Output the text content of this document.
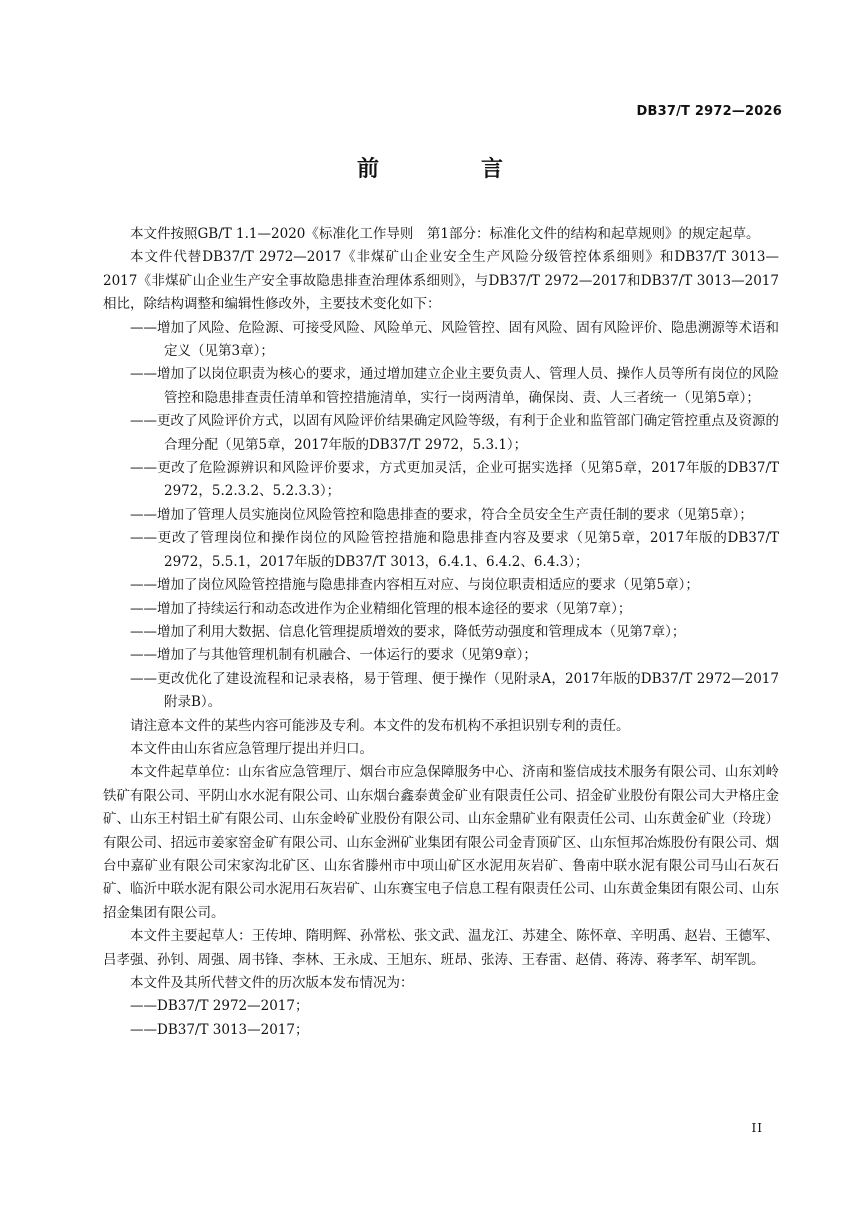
DB37/T 2972—2026
前　言

本文件按照GB/T 1.1—2020《标准化工作导则　第1部分：标准化文件的结构和起草规则》的规定起草。

本文件代替DB37/T 2972—2017《非煤矿山企业安全生产风险分级管控体系细则》和DB37/T 3013—2017《非煤矿山企业生产安全事故隐患排查治理体系细则》，与DB37/T 2972—2017和DB37/T 3013—2017相比，除结构调整和编辑性修改外，主要技术变化如下：

——增加了风险、危险源、可接受风险、风险单元、风险管控、固有风险、固有风险评价、隐患溯源等术语和定义（见第3章）；

——增加了以岗位职责为核心的要求，通过增加建立企业主要负责人、管理人员、操作人员等所有岗位的风险管控和隐患排查责任清单和管控措施清单，实行一岗两清单，确保岗、责、人三者统一（见第5章）；

——更改了风险评价方式，以固有风险评价结果确定风险等级，有利于企业和监管部门确定管控重点及资源的合理分配（见第5章，2017年版的DB37/T 2972，5.3.1）；

——更改了危险源辨识和风险评价要求，方式更加灵活，企业可据实选择（见第5章，2017年版的DB37/T 2972，5.2.3.2、5.2.3.3）；

——增加了管理人员实施岗位风险管控和隐患排查的要求，符合全员安全生产责任制的要求（见第5章）；

——更改了管理岗位和操作岗位的风险管控措施和隐患排查内容及要求（见第5章，2017年版的DB37/T 2972，5.5.1，2017年版的DB37/T 3013，6.4.1、6.4.2、6.4.3）；

——增加了岗位风险管控措施与隐患排查内容相互对应、与岗位职责相适应的要求（见第5章）；

——增加了持续运行和动态改进作为企业精细化管理的根本途径的要求（见第7章）；

——增加了利用大数据、信息化管理提质增效的要求，降低劳动强度和管理成本（见第7章）；

——增加了与其他管理机制有机融合、一体运行的要求（见第9章）；

——更改优化了建设流程和记录表格，易于管理、便于操作（见附录A，2017年版的DB37/T 2972—2017附录B）。

请注意本文件的某些内容可能涉及专利。本文件的发布机构不承担识别专利的责任。

本文件由山东省应急管理厅提出并归口。

本文件起草单位：山东省应急管理厅、烟台市应急保障服务中心、济南和鉴信成技术服务有限公司、山东刘岭铁矿有限公司、平阴山水水泥有限公司、山东烟台鑫泰黄金矿业有限责任公司、招金矿业股份有限公司大尹格庄金矿、山东王村铝土矿有限公司、山东金岭矿业股份有限公司、山东金鼎矿业有限责任公司、山东黄金矿业（玲珑）有限公司、招远市姜家窑金矿有限公司、山东金洲矿业集团有限公司金青顶矿区、山东恒邦冶炼股份有限公司、烟台中嘉矿业有限公司宋家沟北矿区、山东省滕州市中项山矿区水泥用灰岩矿、鲁南中联水泥有限公司马山石灰石矿、临沂中联水泥有限公司水泥用石灰岩矿、山东赛宝电子信息工程有限责任公司、山东黄金集团有限公司、山东招金集团有限公司。

本文件主要起草人：王传坤、隋明辉、孙常松、张文武、温龙江、苏建全、陈怀章、辛明禹、赵岩、王德军、吕孝强、孙钊、周强、周书锋、李林、王永成、王旭东、班昂、张涛、王春雷、赵倩、蒋涛、蒋孝军、胡军凯。

本文件及其所代替文件的历次版本发布情况为：

——DB37/T 2972—2017；

——DB37/T 3013—2017；

II
